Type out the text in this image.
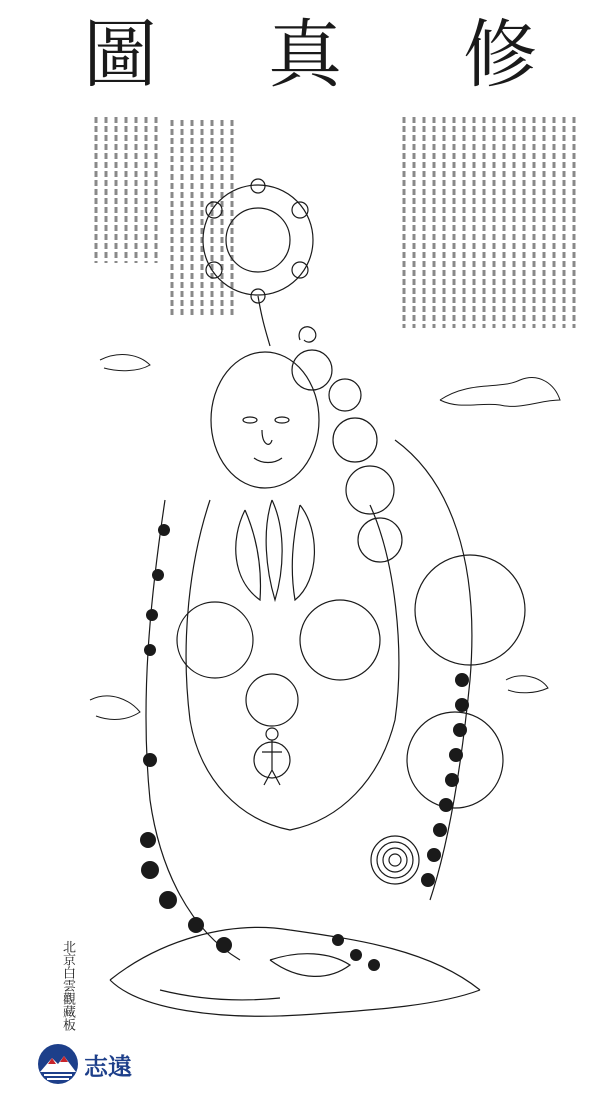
圖 真 修
北京白雲觀藏板
志遠
